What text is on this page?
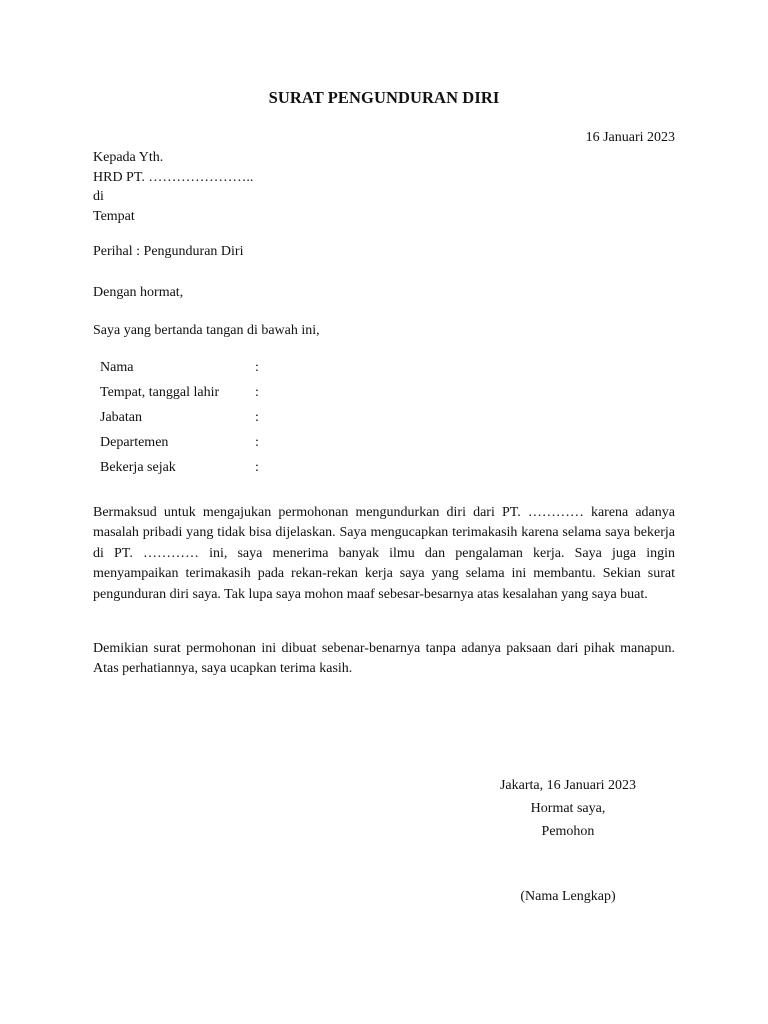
SURAT PENGUNDURAN DIRI
16 Januari 2023
Kepada Yth.
HRD PT. …………………..
di
Tempat
Perihal : Pengunduran Diri
Dengan hormat,
Saya yang bertanda tangan di bawah ini,
Nama	:
Tempat, tanggal lahir	:
Jabatan	:
Departemen	:
Bekerja sejak	:

Bermaksud untuk mengajukan permohonan mengundurkan diri dari PT. ………… karena adanya masalah pribadi yang tidak bisa dijelaskan. Saya mengucapkan terimakasih karena selama saya bekerja di PT. ………… ini, saya menerima banyak ilmu dan pengalaman kerja. Saya juga ingin menyampaikan terimakasih pada rekan-rekan kerja saya yang selama ini membantu. Sekian surat pengunduran diri saya. Tak lupa saya mohon maaf sebesar-besarnya atas kesalahan yang saya buat.

Demikian surat permohonan ini dibuat sebenar-benarnya tanpa adanya paksaan dari pihak manapun. Atas perhatiannya, saya ucapkan terima kasih.

Jakarta, 16 Januari 2023
Hormat saya,
Pemohon
(Nama Lengkap)
